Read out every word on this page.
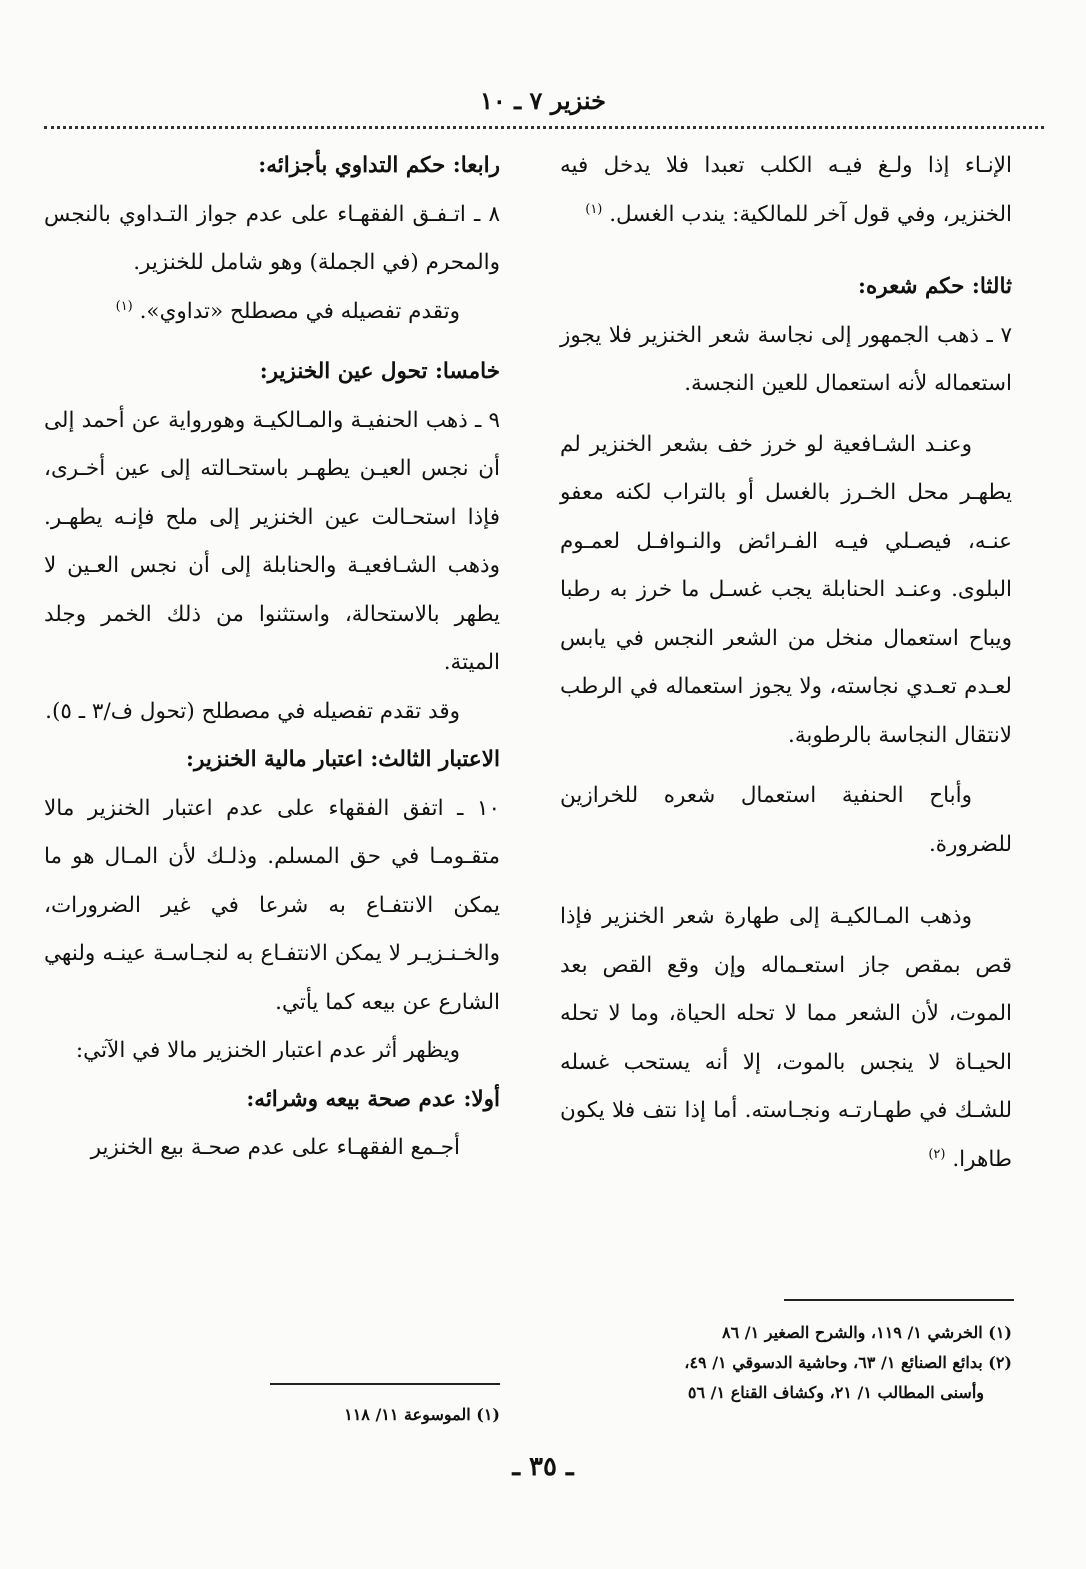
خنزير ٧ ـ ١٠

الإنـاء إذا ولـغ فيـه الكلب تعبدا فلا يدخل فيه الخنزير، وفي قول آخر للمالكية: يندب الغسل. $^{(١)}$

ثالثا: حكم شعره:

٧ ـ ذهب الجمهور إلى نجاسة شعر الخنزير فلا يجوز استعماله لأنه استعمال للعين النجسة.

وعنـد الشـافعية لو خرز خف بشعر الخنزير لم يطهـر محل الخـرز بالغسل أو بالتراب لكنه معفو عنـه، فيصـلي فيـه الفـرائض والنـوافـل لعمـوم البلوى. وعنـد الحنابلة يجب غسـل ما خرز به رطبا ويباح استعمال منخل من الشعر النجس في يابس لعـدم تعـدي نجاسته، ولا يجوز استعماله في الرطب لانتقال النجاسة بالرطوبة.

وأباح الحنفية استعمال شعره للخرازين للضرورة.

وذهب المـالكيـة إلى طهارة شعر الخنزير فإذا قص بمقص جاز استعـماله وإن وقع القص بعد الموت، لأن الشعر مما لا تحله الحياة، وما لا تحله الحيـاة لا ينجس بالموت، إلا أنه يستحب غسله للشـك في طهـارتـه ونجـاسته. أما إذا نتف فلا يكون طاهرا. $^{(٢)}$

رابعا: حكم التداوي بأجزائه:

٨ ـ اتـفـق الفقهـاء على عدم جواز التـداوي بالنجس والمحرم (في الجملة) وهو شامل للخنزير.

وتقدم تفصيله في مصطلح «تداوي». $^{(١)}$

خامسا: تحول عين الخنزير:

٩ ـ ذهب الحنفيـة والمـالكيـة وهورواية عن أحمد إلى أن نجس العيـن يطهـر باستحـالته إلى عين أخـرى، فإذا استحـالت عين الخنزير إلى ملح فإنـه يطهـر. وذهب الشـافعيـة والحنابلة إلى أن نجس العـين لا يطهر بالاستحالة، واستثنوا من ذلك الخمر وجلد الميتة.

وقد تقدم تفصيله في مصطلح (تحول ف/٣ ـ ٥).

الاعتبار الثالث: اعتبار مالية الخنزير:

١٠ ـ اتفق الفقهاء على عدم اعتبار الخنزير مالا متقـومـا في حق المسلم. وذلـك لأن المـال هو ما يمكن الانتفـاع به شرعا في غير الضرورات، والخـنـزيـر لا يمكن الانتفـاع به لنجـاسـة عينـه ولنهي الشارع عن بيعه كما يأتي.

ويظهر أثر عدم اعتبار الخنزير مالا في الآتي:

أولا: عدم صحة بيعه وشرائه:

أجـمع الفقهـاء على عدم صحـة بيع الخنزير

(١) الخرشي ١/ ١١٩، والشرح الصغير ١/ ٨٦

(٢) بدائع الصنائع ١/ ٦٣، وحاشية الدسوقي ١/ ٤٩،

وأسنى المطالب ١/ ٢١، وكشاف القناع ١/ ٥٦

(١) الموسوعة ١١/ ١١٨

ـ ٣٥ ـ
